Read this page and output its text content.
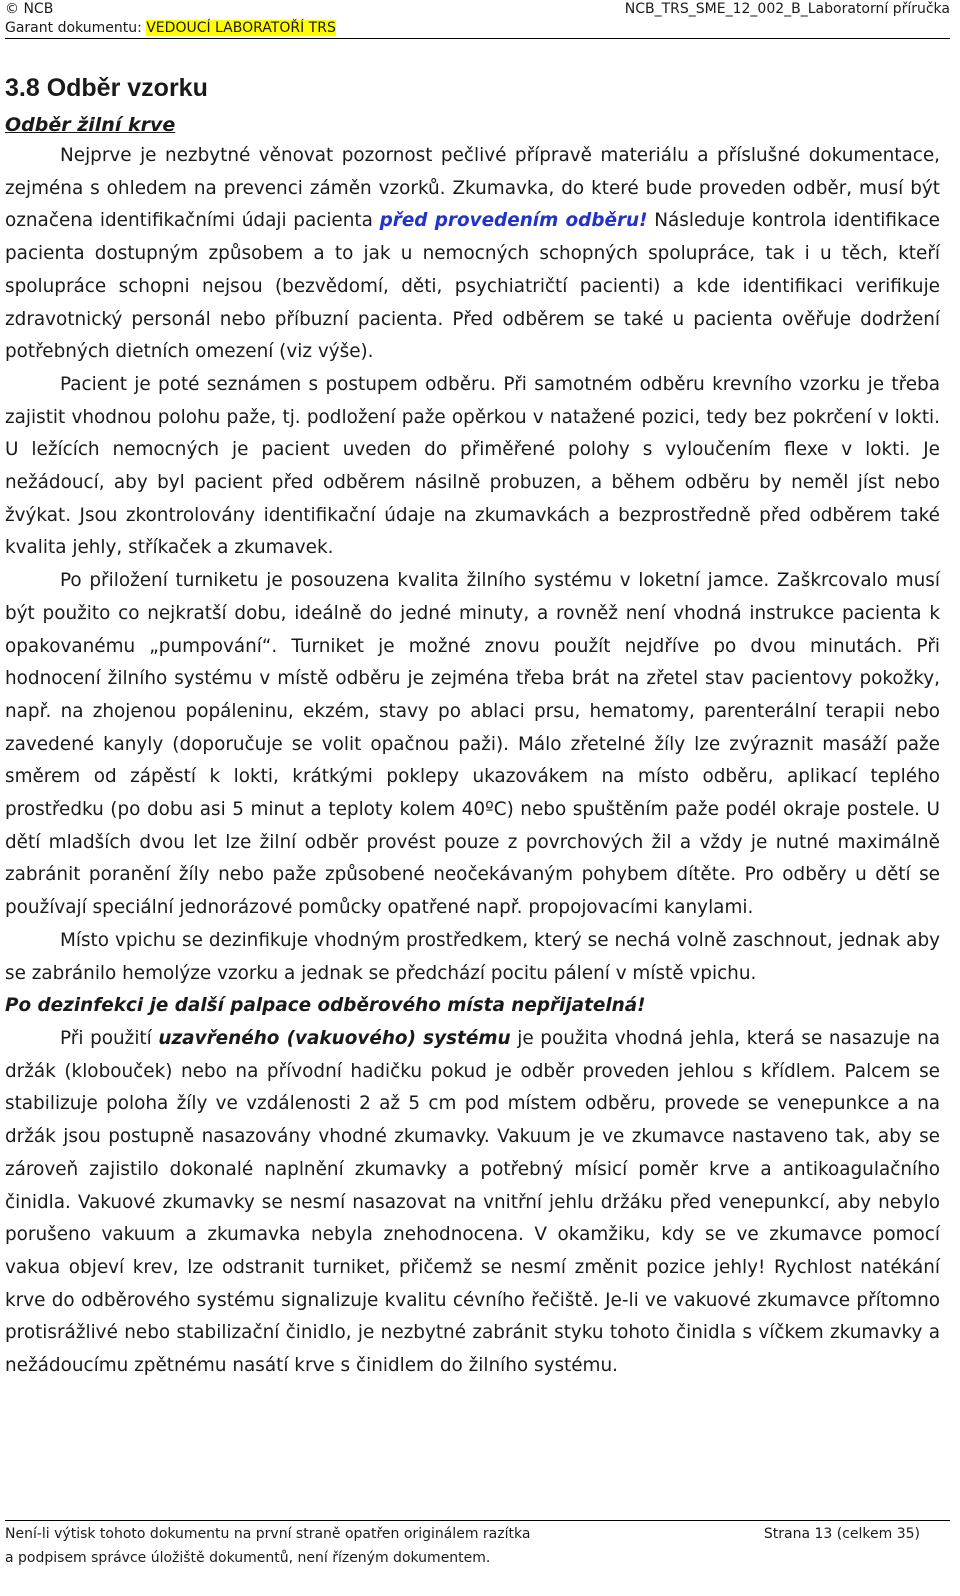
© NCB
Garant dokumentu: VEDOUCÍ LABORATOŘÍ TRS
NCB_TRS_SME_12_002_B_Laboratorní příručka
3.8 Odběr vzorku
Odběr žilní krve

Nejprve je nezbytné věnovat pozornost pečlivé přípravě materiálu a příslušné dokumentace, zejména s ohledem na prevenci záměn vzorků. Zkumavka, do které bude proveden odběr, musí být označena identifikačními údaji pacienta před provedením odběru! Následuje kontrola identifikace pacienta dostupným způsobem a to jak u nemocných schopných spolupráce, tak i u těch, kteří spolupráce schopni nejsou (bezvědomí, děti, psychiatričtí pacienti) a kde identifikaci verifikuje zdravotnický personál nebo příbuzní pacienta. Před odběrem se také u pacienta ověřuje dodržení potřebných dietních omezení (viz výše).

Pacient je poté seznámen s postupem odběru. Při samotném odběru krevního vzorku je třeba zajistit vhodnou polohu paže, tj. podložení paže opěrkou v natažené pozici, tedy bez pokrčení v lokti. U ležících nemocných je pacient uveden do přiměřené polohy s vyloučením flexe v lokti. Je nežádoucí, aby byl pacient před odběrem násilně probuzen, a během odběru by neměl jíst nebo žvýkat. Jsou zkontrolovány identifikační údaje na zkumavkách a bezprostředně před odběrem také kvalita jehly, stříkaček a zkumavek.

Po přiložení turniketu je posouzena kvalita žilního systému v loketní jamce. Zaškrcovalo musí být použito co nejkratší dobu, ideálně do jedné minuty, a rovněž není vhodná instrukce pacienta k opakovanému „pumpování“. Turniket je možné znovu použít nejdříve po dvou minutách. Při hodnocení žilního systému v místě odběru je zejména třeba brát na zřetel stav pacientovy pokožky, např. na zhojenou popáleninu, ekzém, stavy po ablaci prsu, hematomy, parenterální terapii nebo zavedené kanyly (doporučuje se volit opačnou paži). Málo zřetelné žíly lze zvýraznit masáží paže směrem od zápěstí k lokti, krátkými poklepy ukazovákem na místo odběru, aplikací teplého prostředku (po dobu asi 5 minut a teploty kolem 40ºC) nebo spuštěním paže podél okraje postele. U dětí mladších dvou let lze žilní odběr provést pouze z povrchových žil a vždy je nutné maximálně zabránit poranění žíly nebo paže způsobené neočekávaným pohybem dítěte. Pro odběry u dětí se používají speciální jednorázové pomůcky opatřené např. propojovacími kanylami.

Místo vpichu se dezinfikuje vhodným prostředkem, který se nechá volně zaschnout, jednak aby se zabránilo hemolýze vzorku a jednak se předchází pocitu pálení v místě vpichu.

Po dezinfekci je další palpace odběrového místa nepřijatelná!

Při použití uzavřeného (vakuového) systému je použita vhodná jehla, která se nasazuje na držák (klobouček) nebo na přívodní hadičku pokud je odběr proveden jehlou s křídlem. Palcem se stabilizuje poloha žíly ve vzdálenosti 2 až 5 cm pod místem odběru, provede se venepunkce a na držák jsou postupně nasazovány vhodné zkumavky. Vakuum je ve zkumavce nastaveno tak, aby se zároveň zajistilo dokonalé naplnění zkumavky a potřebný mísicí poměr krve a antikoagulačního činidla. Vakuové zkumavky se nesmí nasazovat na vnitřní jehlu držáku před venepunkcí, aby nebylo porušeno vakuum a zkumavka nebyla znehodnocena. V okamžiku, kdy se ve zkumavce pomocí vakua objeví krev, lze odstranit turniket, přičemž se nesmí změnit pozice jehly! Rychlost natékání krve do odběrového systému signalizuje kvalitu cévního řečiště. Je-li ve vakuové zkumavce přítomno protisrážlivé nebo stabilizační činidlo, je nezbytné zabránit styku tohoto činidla s víčkem zkumavky a nežádoucímu zpětnému nasátí krve s činidlem do žilního systému.

Není-li výtisk tohoto dokumentu na první straně opatřen originálem razítka
a podpisem správce úložiště dokumentů, není řízeným dokumentem.
Strana 13 (celkem 35)
